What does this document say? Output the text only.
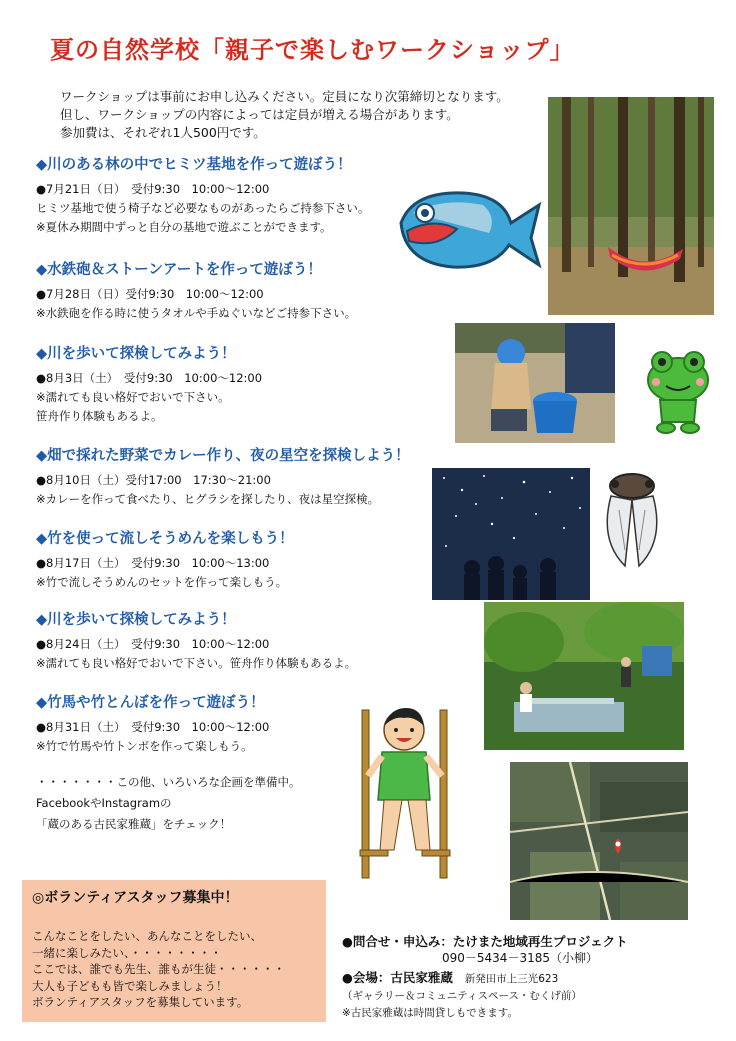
夏の自然学校「親子で楽しむワークショップ」
ワークショップは事前にお申し込みください。定員になり次第締切となります。
但し、ワークショップの内容によっては定員が増える場合があります。
参加費は、それぞれ1人500円です。
◆川のある林の中でヒミツ基地を作って遊ぼう！
●7月21日（日）　受付9:30　10:00～12:00
ヒミツ基地で使う椅子など必要なものがあったらご持参下さい。
※夏休み期間中ずっと自分の基地で遊ぶことができます。
◆水鉄砲＆ストーンアートを作って遊ぼう！
●7月28日（日）受付9:30　10:00～12:00
※水鉄砲を作る時に使うタオルや手ぬぐいなどご持参下さい。
◆川を歩いて探検してみよう！
●8月3日（土）　受付9:30　10:00～12:00
※濡れても良い格好でおいで下さい。
笹舟作り体験もあるよ。
◆畑で採れた野菜でカレー作り、夜の星空を探検しよう！
●8月10日（土）受付17:00　17:30～21:00
※カレーを作って食べたり、ヒグラシを探したり、夜は星空探検。
◆竹を使って流しそうめんを楽しもう！
●8月17日（土）　受付9:30　10:00～13:00
※竹で流しそうめんのセットを作って楽しもう。
◆川を歩いて探検してみよう！
●8月24日（土）　受付9:30　10:00～12:00
※濡れても良い格好でおいで下さい。笹舟作り体験もあるよ。
◆竹馬や竹とんぼを作って遊ぼう！
●8月31日（土）　受付9:30　10:00～12:00
※竹で竹馬や竹トンボを作って楽しもう。
・・・・・・・この他、いろいろな企画を準備中。
FacebookやInstagramの
「蔵のある古民家雅蔵」をチェック！
◎ボランティアスタッフ募集中！
こんなことをしたい、あんなことをしたい、
一緒に楽しみたい、・・・・・・・・
ここでは、誰でも先生、誰もが生徒・・・・・・
大人も子どもも皆で楽しみましょう！
ボランティアスタッフを募集しています。
●問合せ・申込み：たけまた地域再生プロジェクト
090－5434－3185（小柳）
●会場：古民家雅蔵 新発田市上三光623
（ギャラリー＆コミュニティスペース・むくげ前）
※古民家雅蔵は時間貸しもできます。
